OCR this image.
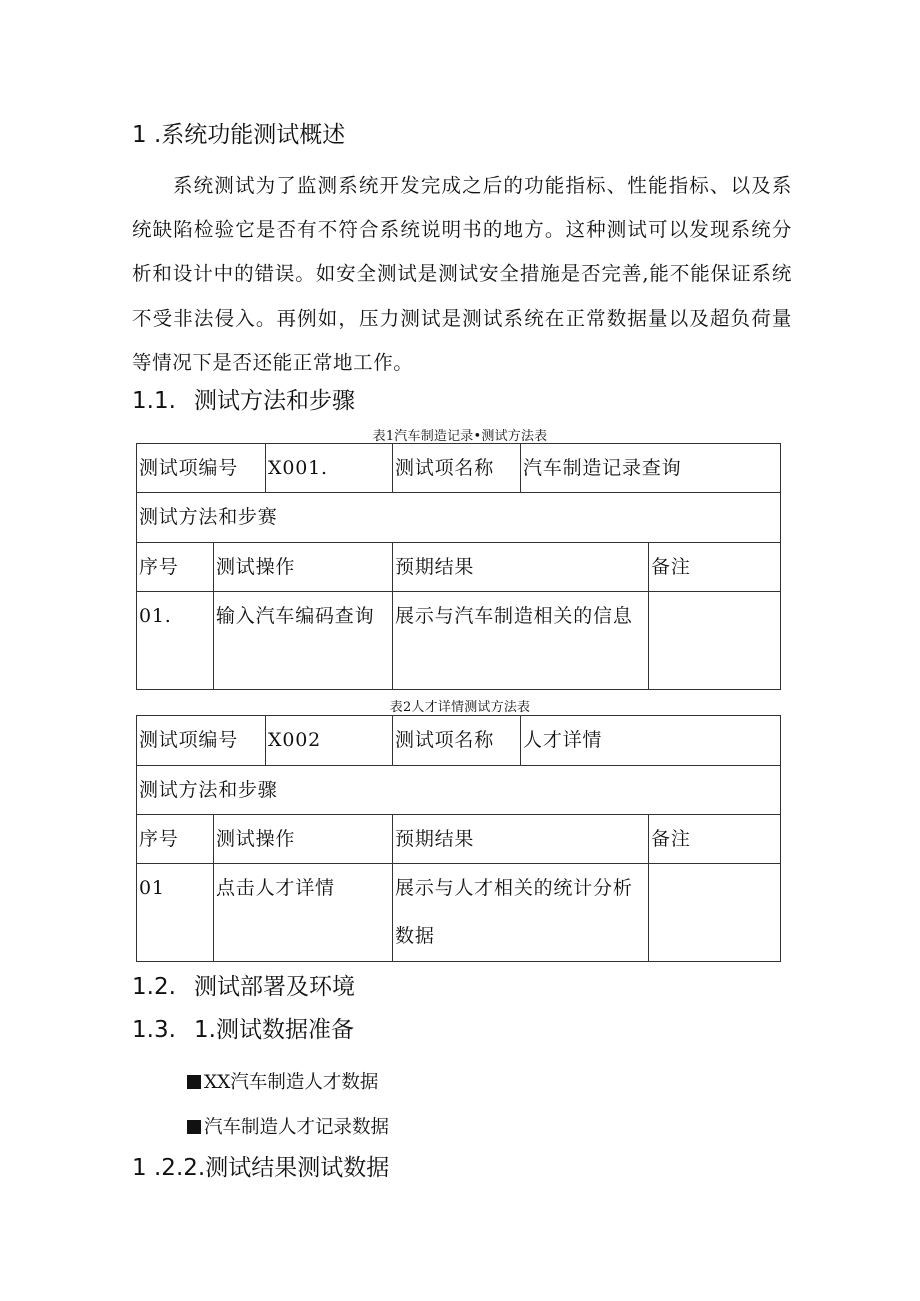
1 .系统功能测试概述
系统测试为了监测系统开发完成之后的功能指标、性能指标、以及系统缺陷检验它是否有不符合系统说明书的地方。这种测试可以发现系统分析和设计中的错误。如安全测试是测试安全措施是否完善,能不能保证系统不受非法侵入。再例如，压力测试是测试系统在正常数据量以及超负荷量等情况下是否还能正常地工作。
1.1. 测试方法和步骤
表1汽车制造记录•测试方法表
测试项编号		X001.	测试项名称	汽车制造记录查询	
测试方法和步赛					
序号	测试操作		预期结果		备注
01.	输入汽车编码查询		展示与汽车制造相关的信息		
表2人才详情测试方法表
测试项编号		X002	测试项名称	人才详情	
测试方法和步骤					
序号	测试操作		预期结果		备注
01	点击人才详情		展示与人才相关的统计分析数据		
1.2. 测试部署及环境
1.3. 1.测试数据准备
XX汽车制造人才数据
汽车制造人才记录数据
1 .2.2.测试结果测试数据
